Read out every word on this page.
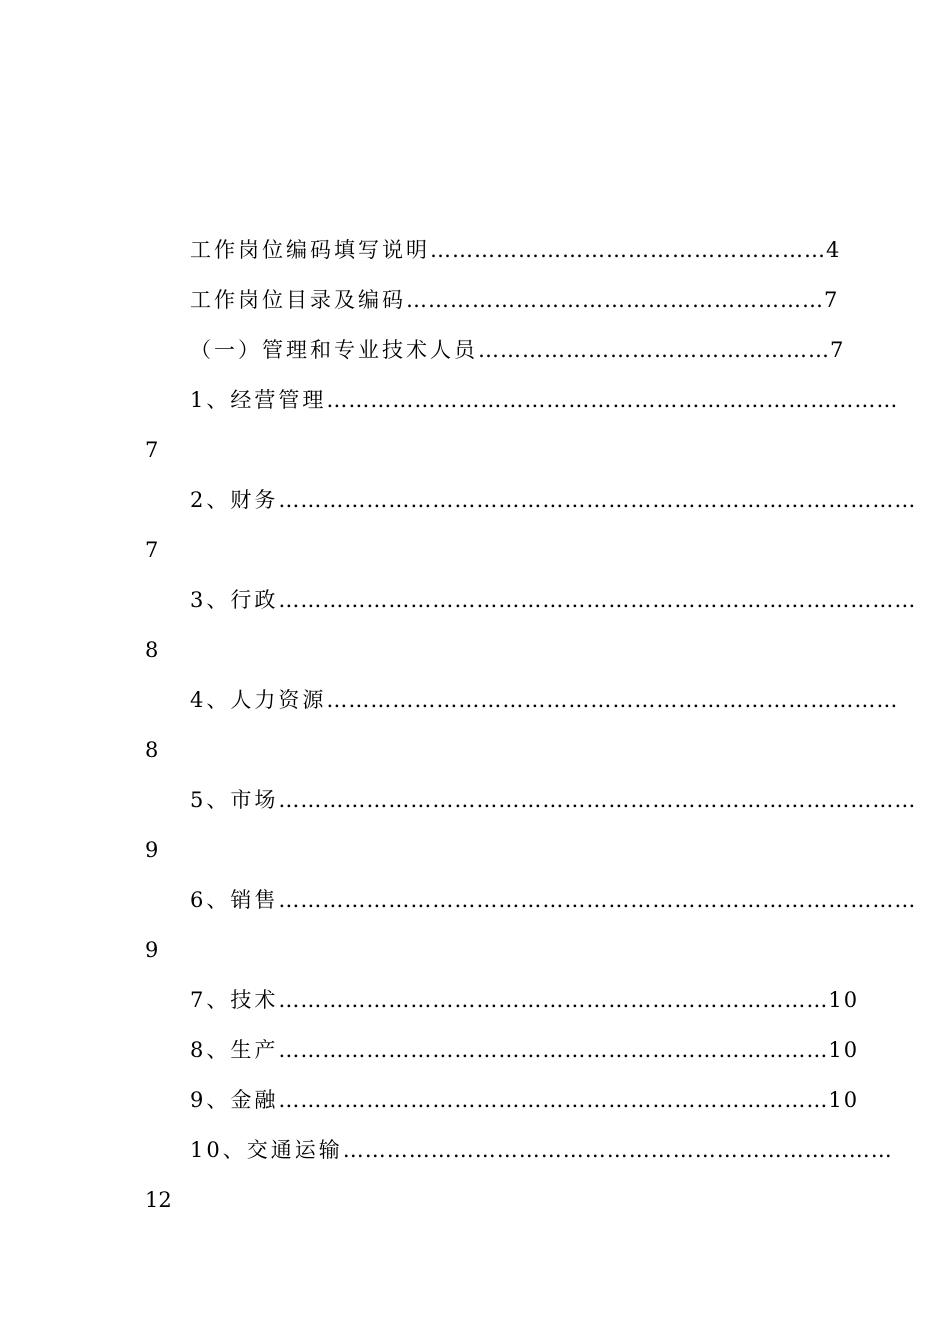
工作岗位编码填写说明………………………………………………4
工作岗位目录及编码…………………………………………………7
（一）管理和专业技术人员…………………………………………7
1、经营管理……………………………………………………………………
7
2、财务……………………………………………………………………………
7
3、行政……………………………………………………………………………
8
4、人力资源……………………………………………………………………
8
5、市场……………………………………………………………………………
9
6、销售……………………………………………………………………………
9
7、技术…………………………………………………………………10
8、生产…………………………………………………………………10
9、金融…………………………………………………………………10
10、交通运输…………………………………………………………………
12
